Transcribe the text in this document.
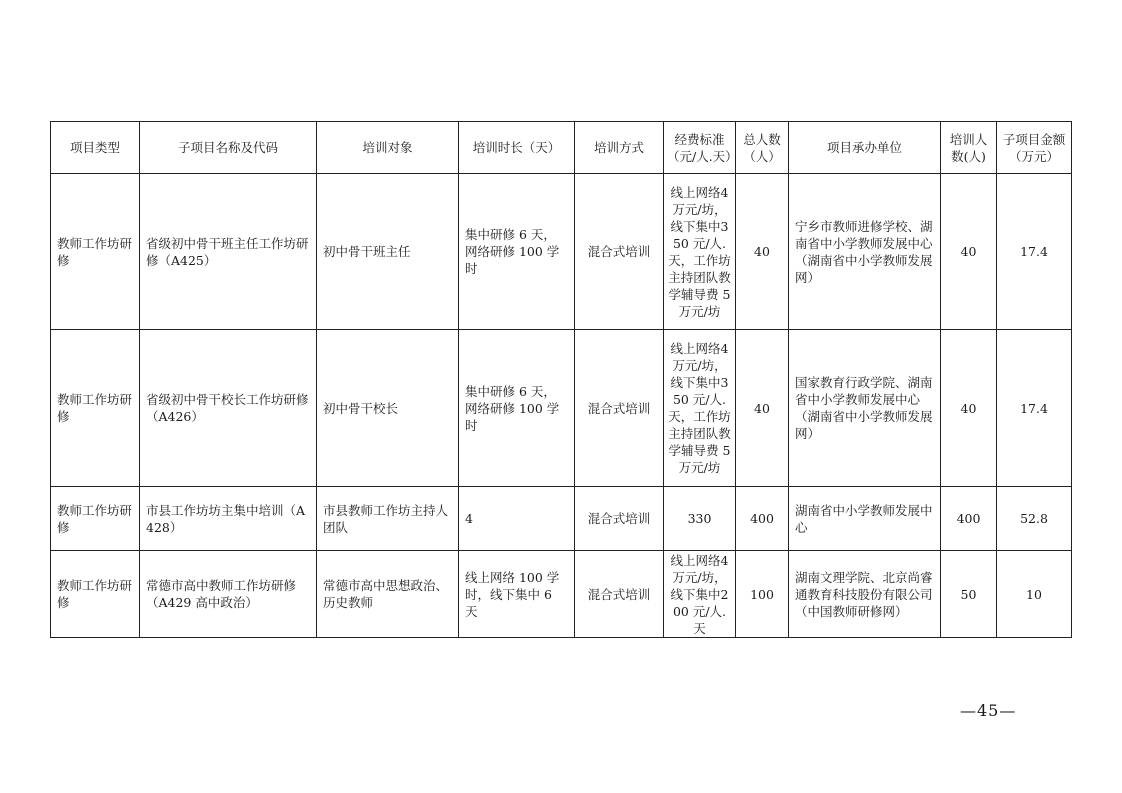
项目类型	子项目名称及代码	培训对象	培训时长（天）	培训方式	经费标准（元/人.天）	总人数（人）	项目承办单位	培训人数(人)	子项目金额（万元）
教师工作坊研修	省级初中骨干班主任工作坊研修（A425）	初中骨干班主任	集中研修 6 天，网络研修 100 学时	混合式培训	线上网络4万元/坊，线下集中350 元/人.天，工作坊主持团队教学辅导费 5 万元/坊	40	宁乡市教师进修学校、湖南省中小学教师发展中心（湖南省中小学教师发展网）	40	17.4
教师工作坊研修	省级初中骨干校长工作坊研修（A426）	初中骨干校长	集中研修 6 天，网络研修 100 学时	混合式培训	线上网络4万元/坊，线下集中350 元/人.天，工作坊主持团队教学辅导费 5 万元/坊	40	国家教育行政学院、湖南省中小学教师发展中心（湖南省中小学教师发展网）	40	17.4
教师工作坊研修	市县工作坊坊主集中培训（A428）	市县教师工作坊主持人团队	4	混合式培训	330	400	湖南省中小学教师发展中心	400	52.8
教师工作坊研修	常德市高中教师工作坊研修（A429 高中政治）	常德市高中思想政治、历史教师	线上网络 100 学时，线下集中 6 天	混合式培训	线上网络4万元/坊，线下集中200 元/人.天	100	湖南文理学院、北京尚睿通教育科技股份有限公司（中国教师研修网）	50	10
—45—
